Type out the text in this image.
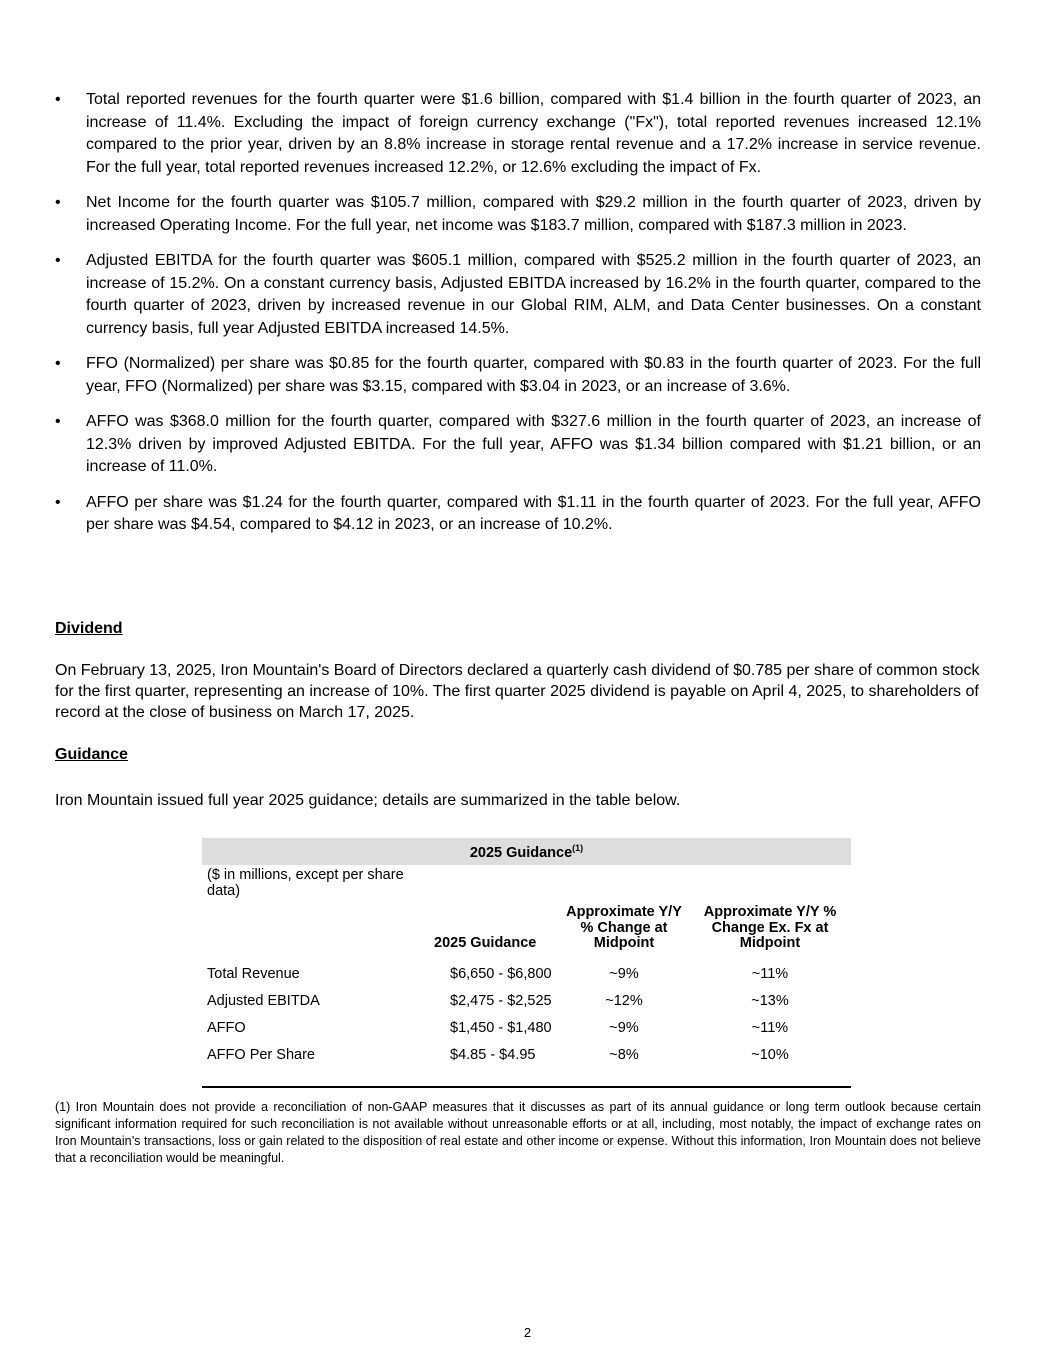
• Total reported revenues for the fourth quarter were $1.6 billion, compared with $1.4 billion in the fourth quarter of 2023, an increase of 11.4%. Excluding the impact of foreign currency exchange ("Fx"), total reported revenues increased 12.1% compared to the prior year, driven by an 8.8% increase in storage rental revenue and a 17.2% increase in service revenue. For the full year, total reported revenues increased 12.2%, or 12.6% excluding the impact of Fx.
• Net Income for the fourth quarter was $105.7 million, compared with $29.2 million in the fourth quarter of 2023, driven by increased Operating Income. For the full year, net income was $183.7 million, compared with $187.3 million in 2023.
• Adjusted EBITDA for the fourth quarter was $605.1 million, compared with $525.2 million in the fourth quarter of 2023, an increase of 15.2%. On a constant currency basis, Adjusted EBITDA increased by 16.2% in the fourth quarter, compared to the fourth quarter of 2023, driven by increased revenue in our Global RIM, ALM, and Data Center businesses. On a constant currency basis, full year Adjusted EBITDA increased 14.5%.
• FFO (Normalized) per share was $0.85 for the fourth quarter, compared with $0.83 in the fourth quarter of 2023. For the full year, FFO (Normalized) per share was $3.15, compared with $3.04 in 2023, or an increase of 3.6%.
• AFFO was $368.0 million for the fourth quarter, compared with $327.6 million in the fourth quarter of 2023, an increase of 12.3% driven by improved Adjusted EBITDA. For the full year, AFFO was $1.34 billion compared with $1.21 billion, or an increase of 11.0%.
• AFFO per share was $1.24 for the fourth quarter, compared with $1.11 in the fourth quarter of 2023. For the full year, AFFO per share was $4.54, compared to $4.12 in 2023, or an increase of 10.2%.
Dividend
On February 13, 2025, Iron Mountain's Board of Directors declared a quarterly cash dividend of $0.785 per share of common stock for the first quarter, representing an increase of 10%. The first quarter 2025 dividend is payable on April 4, 2025, to shareholders of record at the close of business on March 17, 2025.
Guidance
Iron Mountain issued full year 2025 guidance; details are summarized in the table below.
2025 Guidance$^{(1)}$
($ in millions, except per share data)			
	2025 Guidance	Approximate Y/Y % Change at Midpoint	Approximate Y/Y % Change Ex. Fx at Midpoint
Total Revenue	$6,650 - $6,800	~9%	~11%
Adjusted EBITDA	$2,475 - $2,525	~12%	~13%
AFFO	$1,450 - $1,480	~9%	~11%
AFFO Per Share	$4.85 - $4.95	~8%	~10%

(1) Iron Mountain does not provide a reconciliation of non-GAAP measures that it discusses as part of its annual guidance or long term outlook because certain significant information required for such reconciliation is not available without unreasonable efforts or at all, including, most notably, the impact of exchange rates on Iron Mountain’s transactions, loss or gain related to the disposition of real estate and other income or expense. Without this information, Iron Mountain does not believe that a reconciliation would be meaningful.
2
